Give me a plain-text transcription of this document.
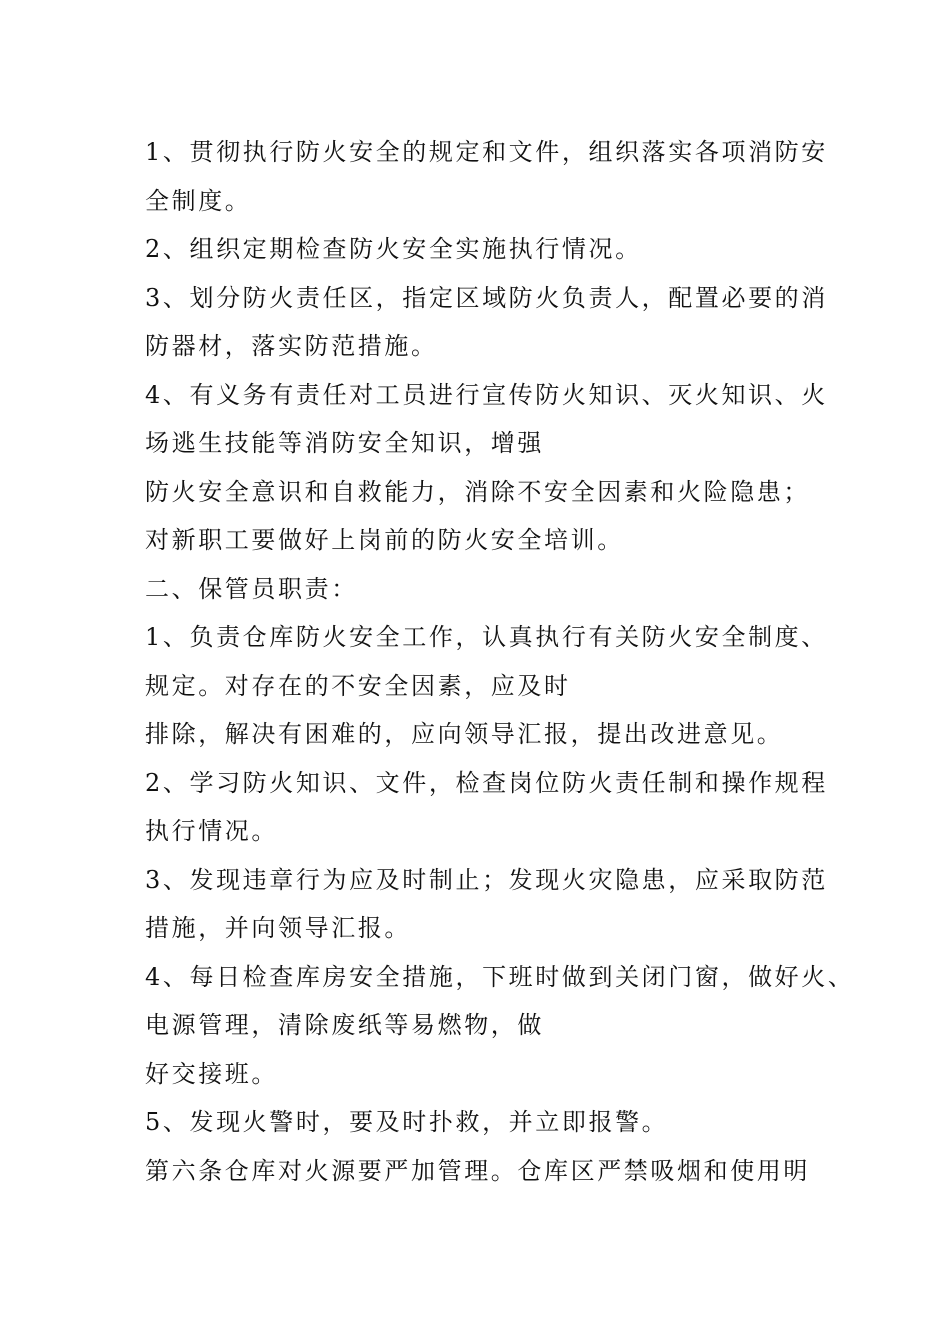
1、贯彻执行防火安全的规定和文件，组织落实各项消防安
全制度。
2、组织定期检查防火安全实施执行情况。
3、划分防火责任区，指定区域防火负责人，配置必要的消
防器材，落实防范措施。
4、有义务有责任对工员进行宣传防火知识、灭火知识、火
场逃生技能等消防安全知识，增强
防火安全意识和自救能力，消除不安全因素和火险隐患；
对新职工要做好上岗前的防火安全培训。
二、保管员职责：
1、负责仓库防火安全工作，认真执行有关防火安全制度、
规定。对存在的不安全因素，应及时
排除，解决有困难的，应向领导汇报，提出改进意见。
2、学习防火知识、文件，检查岗位防火责任制和操作规程
执行情况。
3、发现违章行为应及时制止；发现火灾隐患，应采取防范
措施，并向领导汇报。
4、每日检查库房安全措施，下班时做到关闭门窗，做好火、
电源管理，清除废纸等易燃物，做
好交接班。
5、发现火警时，要及时扑救，并立即报警。
第六条仓库对火源要严加管理。仓库区严禁吸烟和使用明
